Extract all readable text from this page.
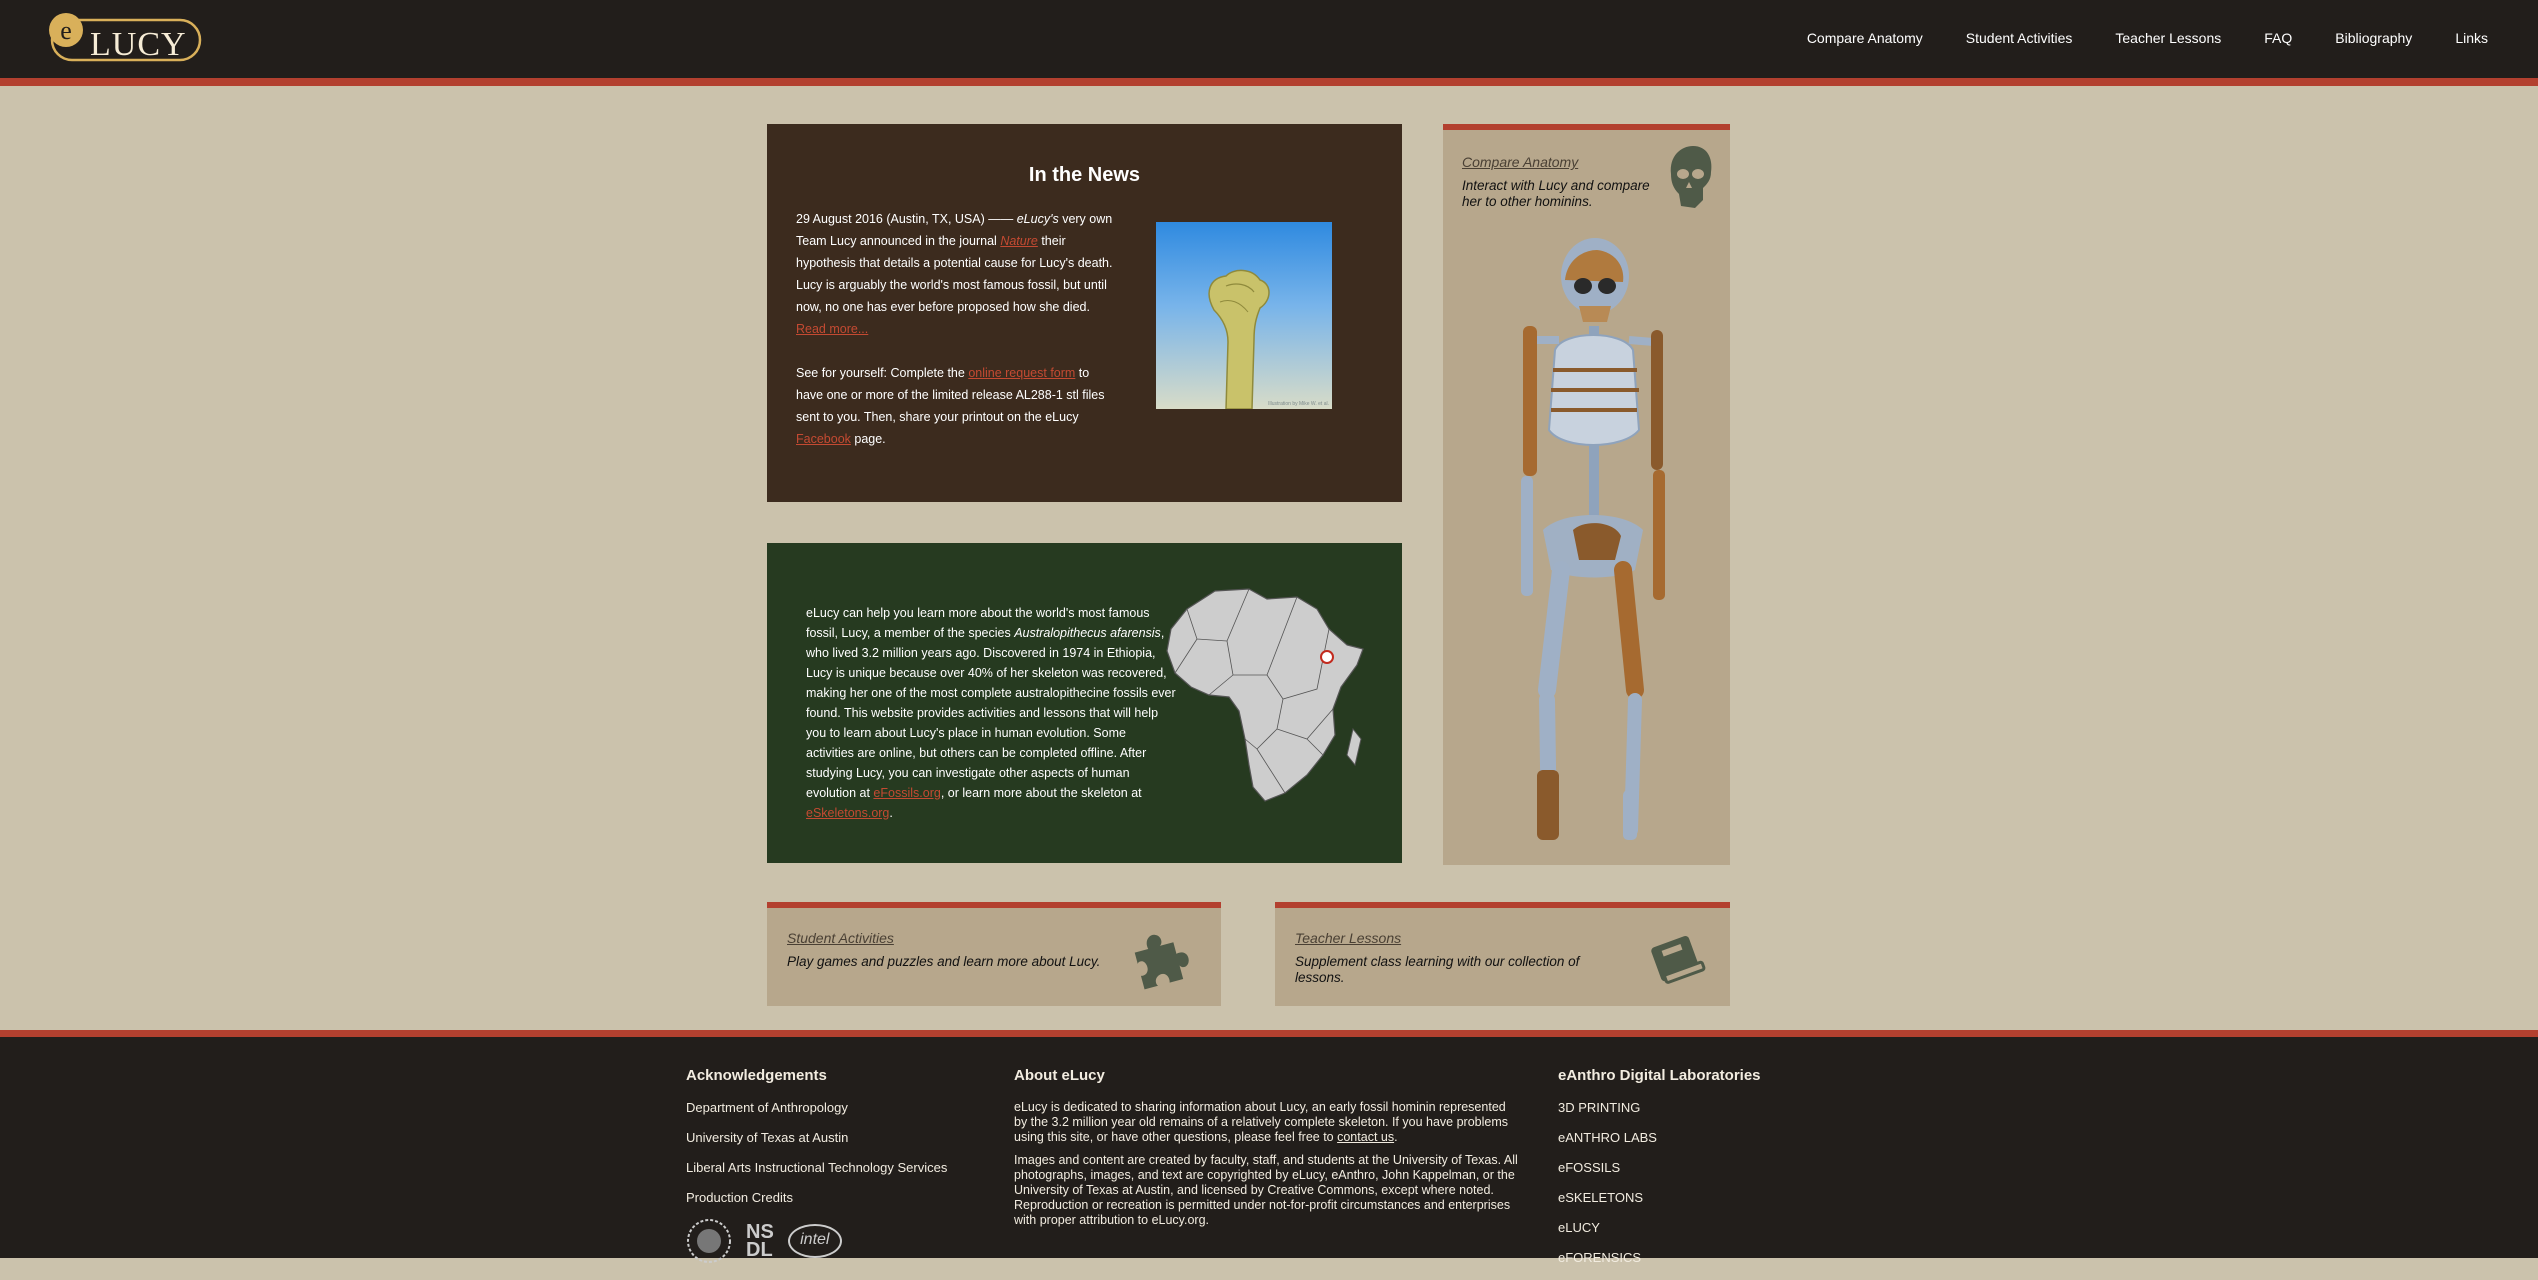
e LUCY	Compare Anatomy	Student Activities	Teacher Lessons	FAQ	Bibliography	Links
In the News

29 August 2016 (Austin, TX, USA) —— eLucy's very own Team Lucy announced in the journal Nature their hypothesis that details a potential cause for Lucy's death. Lucy is arguably the world's most famous fossil, but until now, no one has ever before proposed how she died. Read more...

See for yourself: Complete the online request form to have one or more of the limited release AL288-1 stl files sent to you. Then, share your printout on the eLucy Facebook page.

Illustration by Mike W. et al.

eLucy can help you learn more about the world's most famous fossil, Lucy, a member of the species Australopithecus afarensis, who lived 3.2 million years ago. Discovered in 1974 in Ethiopia, Lucy is unique because over 40% of her skeleton was recovered, making her one of the most complete australopithecine fossils ever found. This website provides activities and lessons that will help you to learn about Lucy's place in human evolution. Some activities are online, but others can be completed offline. After studying Lucy, you can investigate other aspects of human evolution at eFossils.org, or learn more about the skeleton at eSkeletons.org.

Compare Anatomy
Interact with Lucy and compare her to other hominins.
Student Activities
Play games and puzzles and learn more about Lucy.
Teacher Lessons
Supplement class learning with our collection of lessons.
Acknowledgements
Department of Anthropology
University of Texas at Austin
Liberal Arts Instructional Technology Services
Production Credits
About eLucy

eLucy is dedicated to sharing information about Lucy, an early fossil hominin represented by the 3.2 million year old remains of a relatively complete skeleton. If you have problems using this site, or have other questions, please feel free to contact us.

Images and content are created by faculty, staff, and students at the University of Texas. All photographs, images, and text are copyrighted by eLucy, eAnthro, John Kappelman, or the University of Texas at Austin, and licensed by Creative Commons, except where noted. Reproduction or recreation is permitted under not-for-profit circumstances and enterprises with proper attribution to eLucy.org.

eAnthro Digital Laboratories
3D PRINTING
eANTHRO LABS
eFOSSILS
eSKELETONS
eLUCY
eFORENSICS
NS
DL	intel
